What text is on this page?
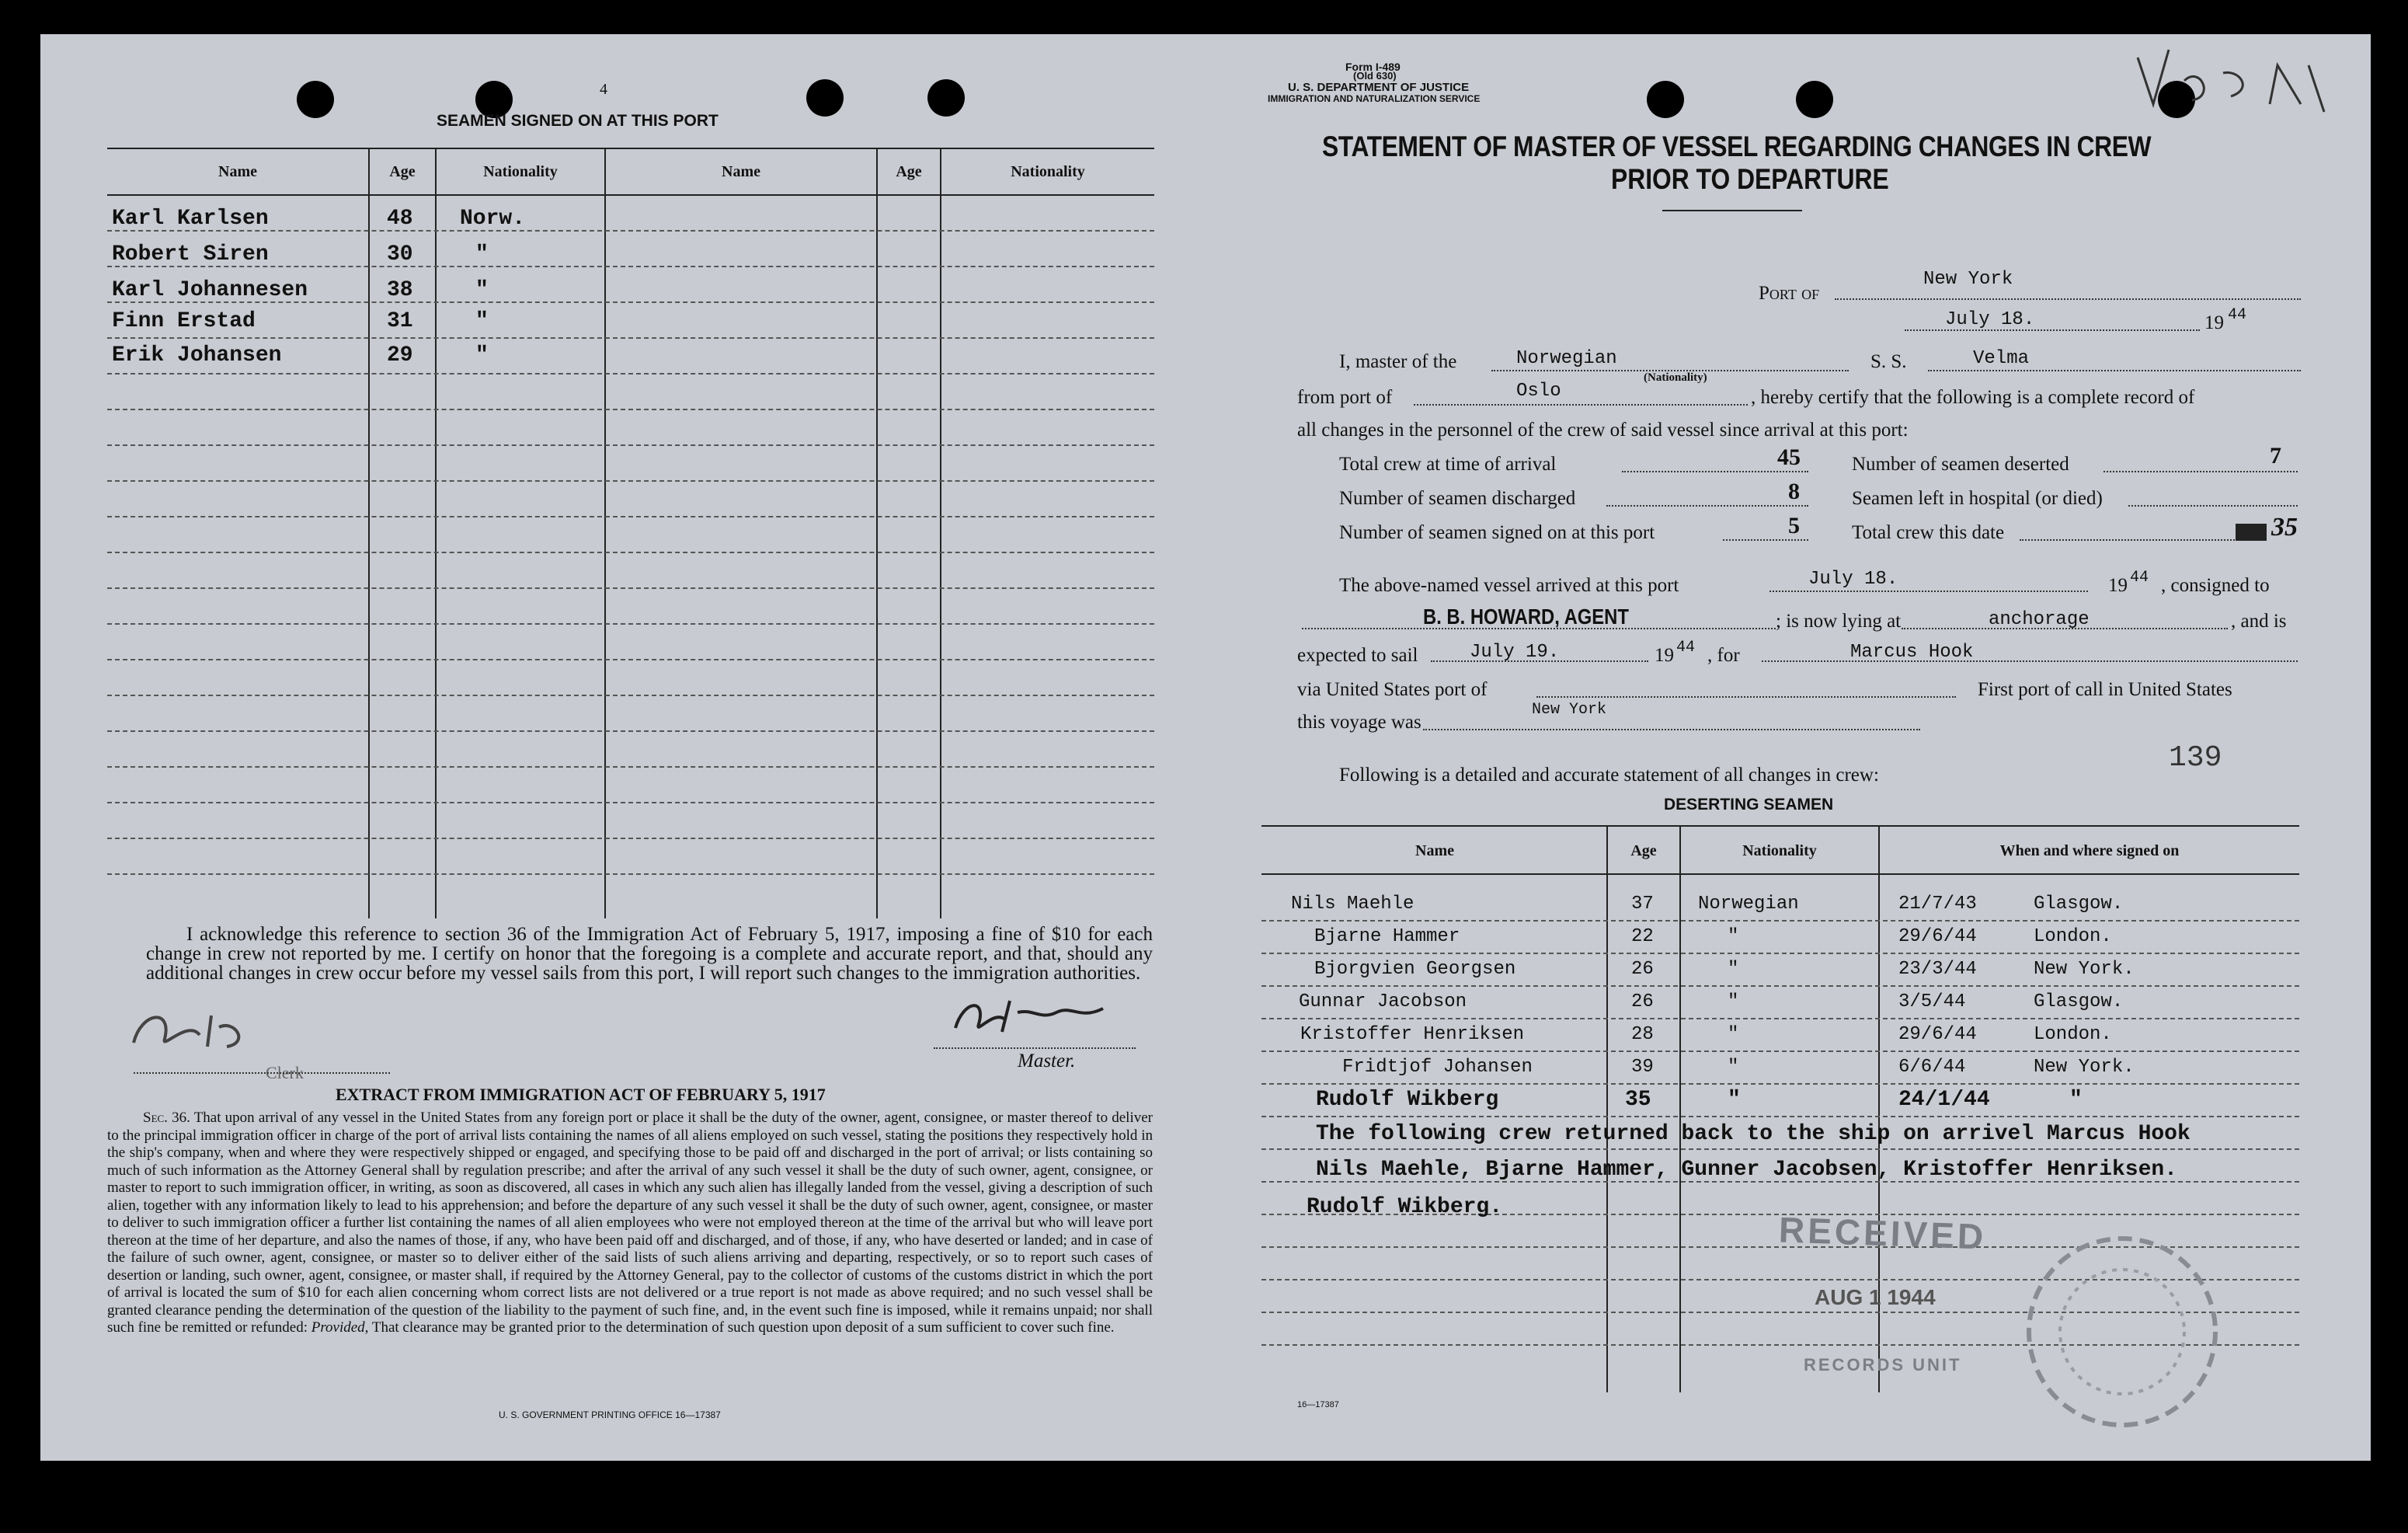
4
SEAMEN SIGNED ON AT THIS PORT
Name	Age	Nationality	Name	Age	Nationality
Karl Karlsen	48 Norw.
Robert Siren	30	"
Karl Johannesen	38	"
Finn Erstad	31	"
Erik Johansen	29	"
I acknowledge this reference to section 36 of the Immigration Act of February 5, 1917, imposing a fine of $10 for each change in crew not reported by me. I certify on honor that the foregoing is a complete and accurate report, and that, should any additional changes in crew occur before my vessel sails from this port, I will report such changes to the immigration authorities.
Clerk
Master.
EXTRACT FROM IMMIGRATION ACT OF FEBRUARY 5, 1917
Sec. 36. That upon arrival of any vessel in the United States from any foreign port or place it shall be the duty of the owner, agent, consignee, or master thereof to deliver to the principal immigration officer in charge of the port of arrival lists containing the names of all aliens employed on such vessel, stating the positions they respectively hold in the ship's company, when and where they were respectively shipped or engaged, and specifying those to be paid off and discharged in the port of arrival; or lists containing so much of such information as the Attorney General shall by regulation prescribe; and after the arrival of any such vessel it shall be the duty of such owner, agent, consignee, or master to report to such immigration officer, in writing, as soon as discovered, all cases in which any such alien has illegally landed from the vessel, giving a description of such alien, together with any information likely to lead to his apprehension; and before the departure of any such vessel it shall be the duty of such owner, agent, consignee, or master to deliver to such immigration officer a further list containing the names of all alien employees who were not employed thereon at the time of the arrival but who will leave port thereon at the time of her departure, and also the names of those, if any, who have been paid off and discharged, and of those, if any, who have deserted or landed; and in case of the failure of such owner, agent, consignee, or master so to deliver either of the said lists of such aliens arriving and departing, respectively, or so to report such cases of desertion or landing, such owner, agent, consignee, or master shall, if required by the Attorney General, pay to the collector of customs of the customs district in which the port of arrival is located the sum of $10 for each alien concerning whom correct lists are not delivered or a true report is not made as above required; and no such vessel shall be granted clearance pending the determination of the question of the liability to the payment of such fine, and, in the event such fine is imposed, while it remains unpaid; nor shall such fine be remitted or refunded: Provided, That clearance may be granted prior to the determination of such question upon deposit of a sum sufficient to cover such fine.
U. S. GOVERNMENT PRINTING OFFICE 16—17387
Form I-489
(Old 630)
U. S. DEPARTMENT OF JUSTICE
IMMIGRATION AND NATURALIZATION SERVICE
STATEMENT OF MASTER OF VESSEL REGARDING CHANGES IN CREW
PRIOR TO DEPARTURE
Port of
New York
July 18.	19 44
I, master of the	Norwegian
(Nationality)
S. S.	Velma
from port of	Oslo	, hereby certify that the following is a complete record of
all changes in the personnel of the crew of said vessel since arrival at this port:
Total crew at time of arrival	45
Number of seamen discharged	8
Number of seamen signed on at this port	5
Number of seamen deserted	7
Seamen left in hospital (or died)
Total crew this date	35
The above-named vessel arrived at this port	July 18.	19 44 , consigned to
B. B. HOWARD, AGENT	; is now lying at	anchorage	, and is
expected to sail	July 19.	19 44 , for	Marcus Hook
via United States port of	First port of call in United States
this voyage was
New York
Following is a detailed and accurate statement of all changes in crew:
139
DESERTING SEAMEN
Name	Age	Nationality	When and where signed on
Nils Maehle	37 Norwegian	21/7/43	Glasgow.
Bjarne Hammer	22	"	29/6/44	London.
Bjorgvien Georgsen	26	"	23/3/44	New York.
Gunnar Jacobson	26	"	3/5/44	Glasgow.
Kristoffer Henriksen	28	"	29/6/44	London.
Fridtjof Johansen	39	"	6/6/44	New York.
Rudolf Wikberg	35	"	24/1/44	"
The following crew returned back to the ship on arrivel Marcus Hook
Nils Maehle, Bjarne Hammer, Gunner Jacobsen, Kristoffer Henriksen.
Rudolf Wikberg.
RECEIVED
AUG 1 1944
RECORDS UNIT
16—17387
